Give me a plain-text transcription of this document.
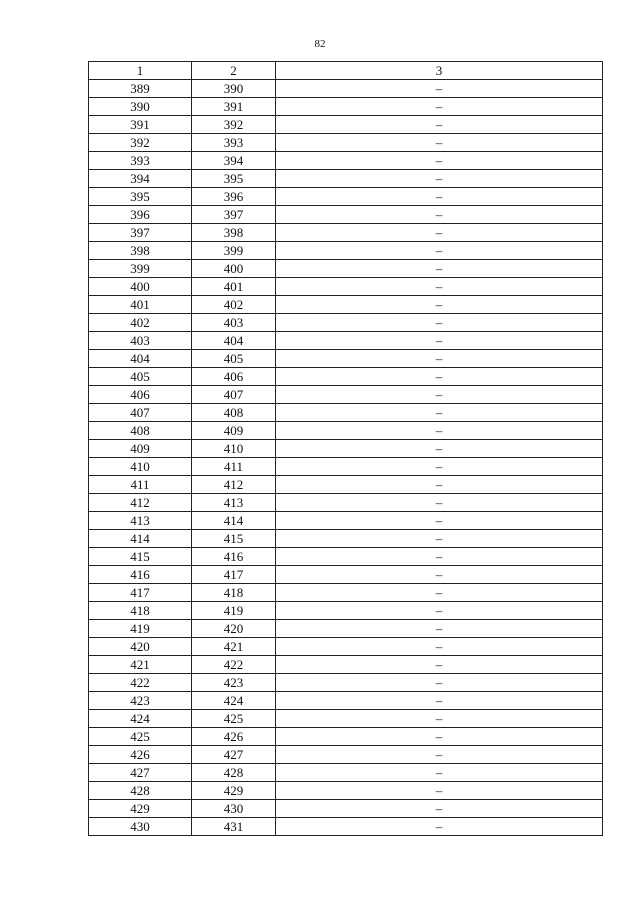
82
1	2	3
389	390	–
390	391	–
391	392	–
392	393	–
393	394	–
394	395	–
395	396	–
396	397	–
397	398	–
398	399	–
399	400	–
400	401	–
401	402	–
402	403	–
403	404	–
404	405	–
405	406	–
406	407	–
407	408	–
408	409	–
409	410	–
410	411	–
411	412	–
412	413	–
413	414	–
414	415	–
415	416	–
416	417	–
417	418	–
418	419	–
419	420	–
420	421	–
421	422	–
422	423	–
423	424	–
424	425	–
425	426	–
426	427	–
427	428	–
428	429	–
429	430	–
430	431	–
